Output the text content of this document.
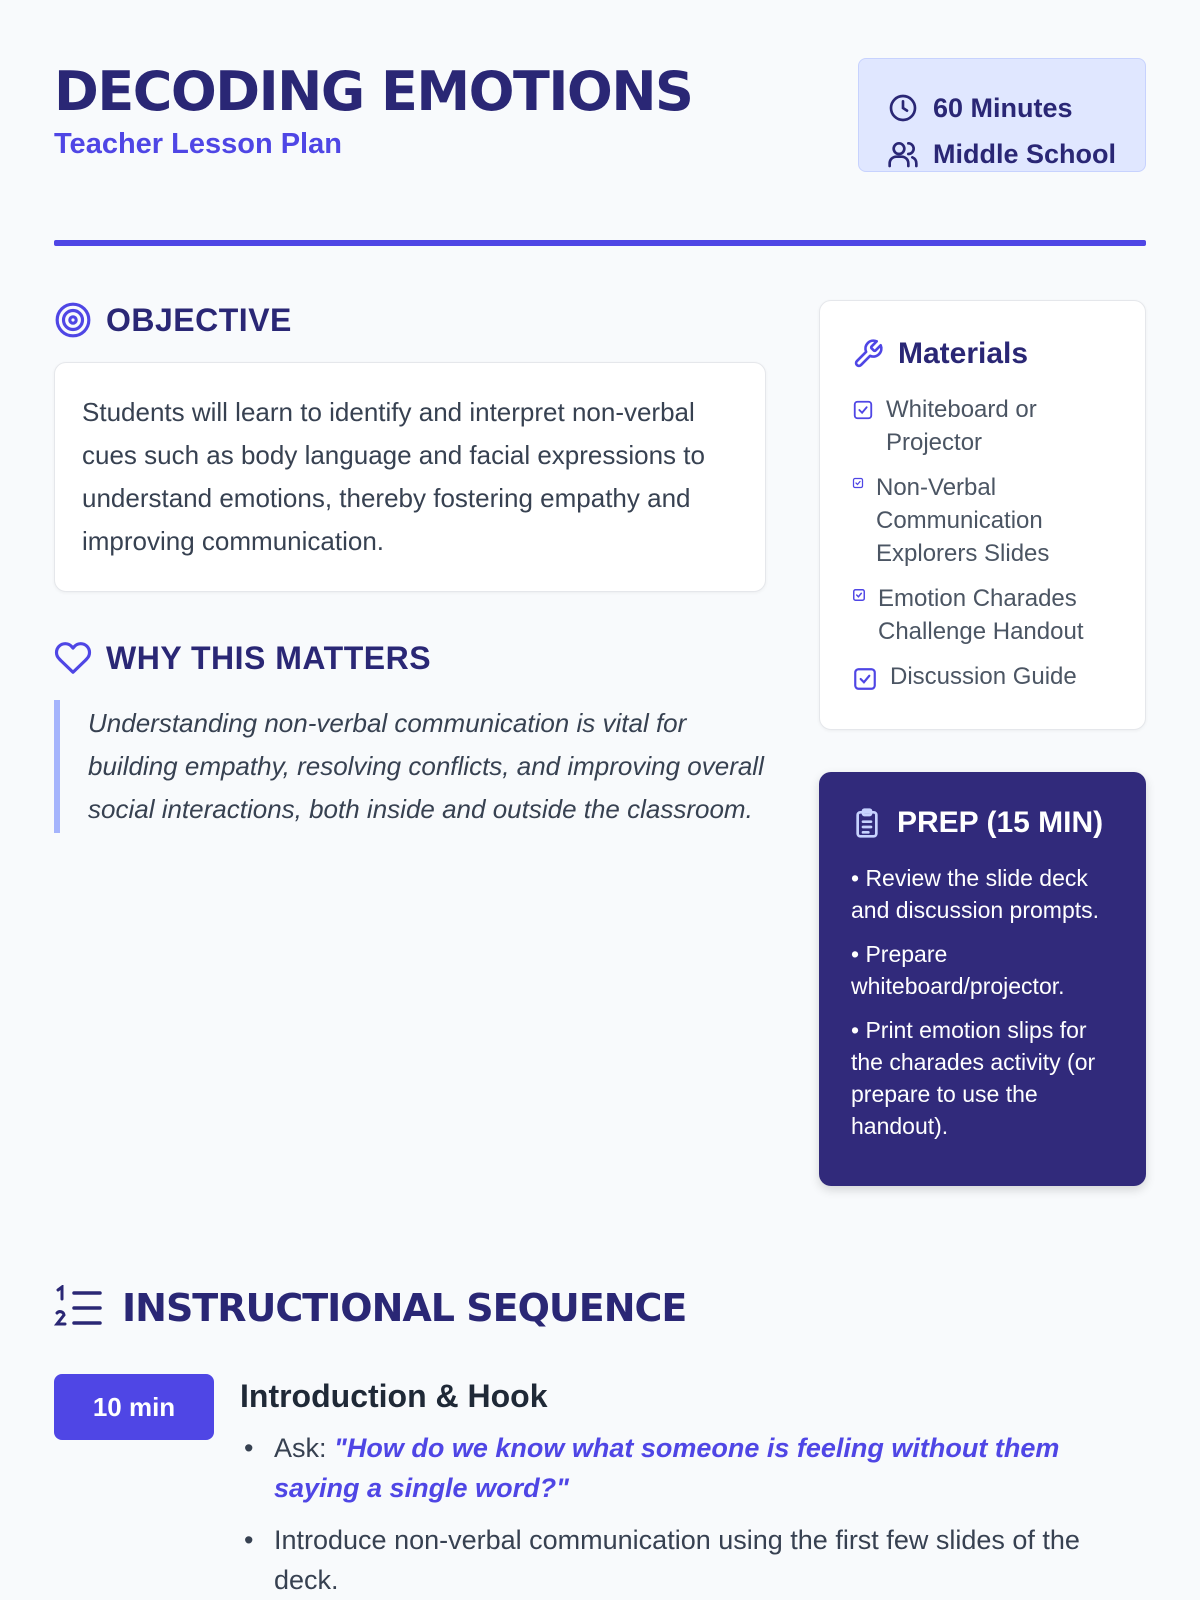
DECODING EMOTIONS
Teacher Lesson Plan
60 Minutes
Middle School
OBJECTIVE

Students will learn to identify and interpret non-verbal cues such as body language and facial expressions to understand emotions, thereby fostering empathy and improving communication.

WHY THIS MATTERS
Understanding non-verbal communication is vital for building empathy, resolving conflicts, and improving overall social interactions, both inside and outside the classroom.
Materials
Whiteboard or Projector
Non-Verbal Communication Explorers Slides
Emotion Charades Challenge Handout
Discussion Guide
PREP (15 MIN)
• Review the slide deck and discussion prompts.
• Prepare whiteboard/projector.
• Print emotion slips for the charades activity (or prepare to use the handout).
INSTRUCTIONAL SEQUENCE
10 min	Introduction & Hook
• Ask: "How do we know what someone is feeling without them saying a single word?"
• Introduce non-verbal communication using the first few slides of the deck.
